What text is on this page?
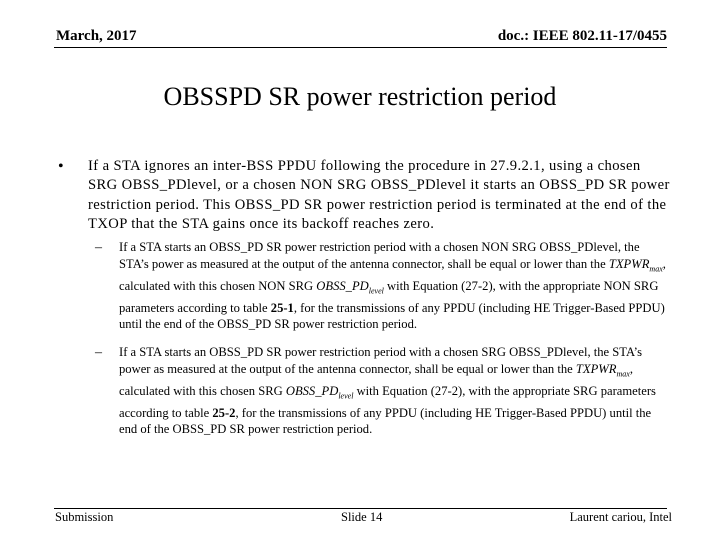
March, 2017	doc.: IEEE 802.11-17/0455
OBSSPD SR power restriction period
• If a STA ignores an inter-BSS PPDU following the procedure in 27.9.2.1, using a chosen SRG OBSS_PDlevel, or a chosen NON SRG OBSS_PDlevel it starts an OBSS_PD SR power restriction period. This OBSS_PD SR power restriction period is terminated at the end of the TXOP that the STA gains once its backoff reaches zero.
– If a STA starts an OBSS_PD SR power restriction period with a chosen NON SRG OBSS_PDlevel, the STA’s power as measured at the output of the antenna connector, shall be equal or lower than the $TXPWR_{max}$, calculated with this chosen NON SRG $OBSS\_PD_{level}$ with Equation (27-2), with the appropriate NON SRG parameters according to table 25-1, for the transmissions of any PPDU (including HE Trigger-Based PPDU) until the end of the OBSS_PD SR power restriction period.
– If a STA starts an OBSS_PD SR power restriction period with a chosen SRG OBSS_PDlevel, the STA’s power as measured at the output of the antenna connector, shall be equal or lower than the $TXPWR_{max}$, calculated with this chosen SRG $OBSS\_PD_{level}$ with Equation (27-2), with the appropriate SRG parameters according to table 25-2, for the transmissions of any PPDU (including HE Trigger-Based PPDU) until the end of the OBSS_PD SR power restriction period.
Submission	Slide 14	Laurent cariou, Intel
